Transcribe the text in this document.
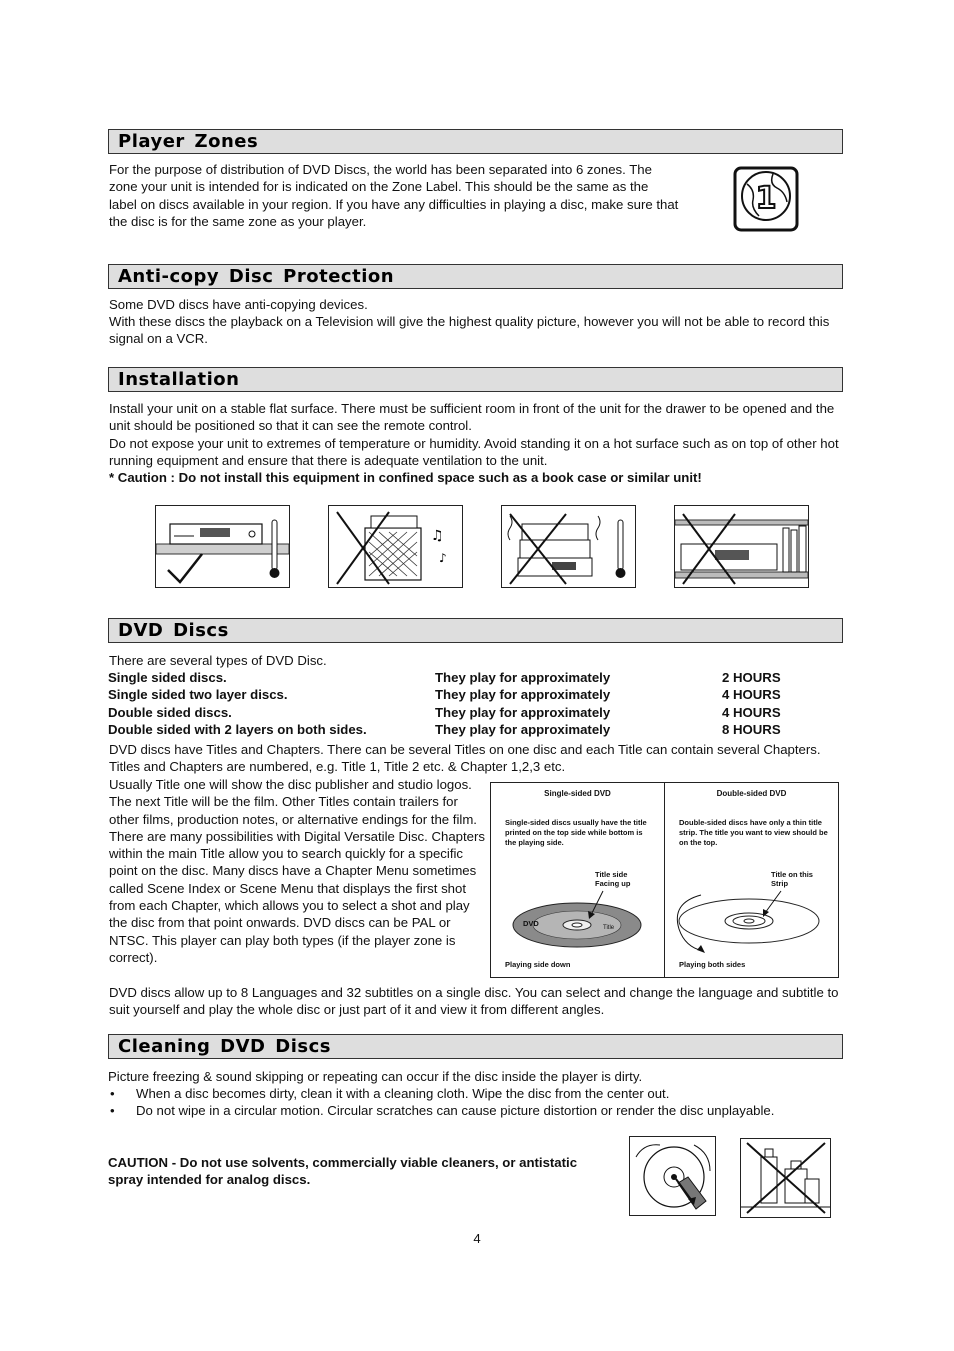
Player Zones

For the purpose of distribution of DVD Discs, the world has been separated into 6 zones. The zone your unit is intended for is indicated on the Zone Label. This should be the same as the label on discs available in your region. If you have any difficulties in playing a disc, make sure that the disc is for the same zone as your player.

1
Anti-copy Disc Protection

Some DVD discs have anti-copying devices.

With these discs the playback on a Television will give the highest quality picture, however you will not be able to record this signal on a VCR.

Installation

Install your unit on a stable flat surface. There must be sufficient room in front of the unit for the drawer to be opened and the unit should be positioned so that it can see the remote control.

Do not expose your unit to extremes of temperature or humidity. Avoid standing it on a hot surface such as on top of other hot running equipment and ensure that there is adequate ventilation to the unit.

* Caution : Do not install this equipment in confined space such as a book case or similar unit!

♫
♪
DVD Discs

There are several types of DVD Disc.

Single sided discs.	They play for approximately	2 HOURS
Single sided two layer discs.	They play for approximately	4 HOURS
Double sided discs.	They play for approximately	4 HOURS
Double sided with 2 layers on both sides.	They play for approximately	8 HOURS

DVD discs have Titles and Chapters. There can be several Titles on one disc and each Title can contain several Chapters. Titles and Chapters are numbered, e.g. Title 1, Title 2 etc. & Chapter 1,2,3 etc.

Usually Title one will show the disc publisher and studio logos. The next Title will be the film. Other Titles contain trailers for other films, production notes, or alternative endings for the film. There are many possibilities with Digital Versatile Disc. Chapters within the main Title allow you to search quickly for a specific point on the disc. Many discs have a Chapter Menu sometimes called Scene Index or Scene Menu that displays the first shot from each Chapter, which allows you to select a shot and play the disc from that point onwards. DVD discs can be PAL or NTSC. This player can play both types (if the player zone is correct).

Single-sided DVD	Double-sided DVD
Single-sided discs usually have the title printed on the top side while bottom is the playing side.
Double-sided discs have only a thin title strip. The title you want to view should be on the top.
Title side Facing up
Title on this Strip
DVD	Title
Playing side down	Playing both sides

DVD discs allow up to 8 Languages and 32 subtitles on a single disc. You can select and change the language and subtitle to suit yourself and play the whole disc or just part of it and view it from different angles.

Cleaning DVD Discs

Picture freezing & sound skipping or repeating can occur if the disc inside the player is dirty.

• When a disc becomes dirty, clean it with a cleaning cloth. Wipe the disc from the center out.

• Do not wipe in a circular motion. Circular scratches can cause picture distortion or render the disc unplayable.

CAUTION - Do not use solvents, commercially viable cleaners, or antistatic spray intended for analog discs.

4
